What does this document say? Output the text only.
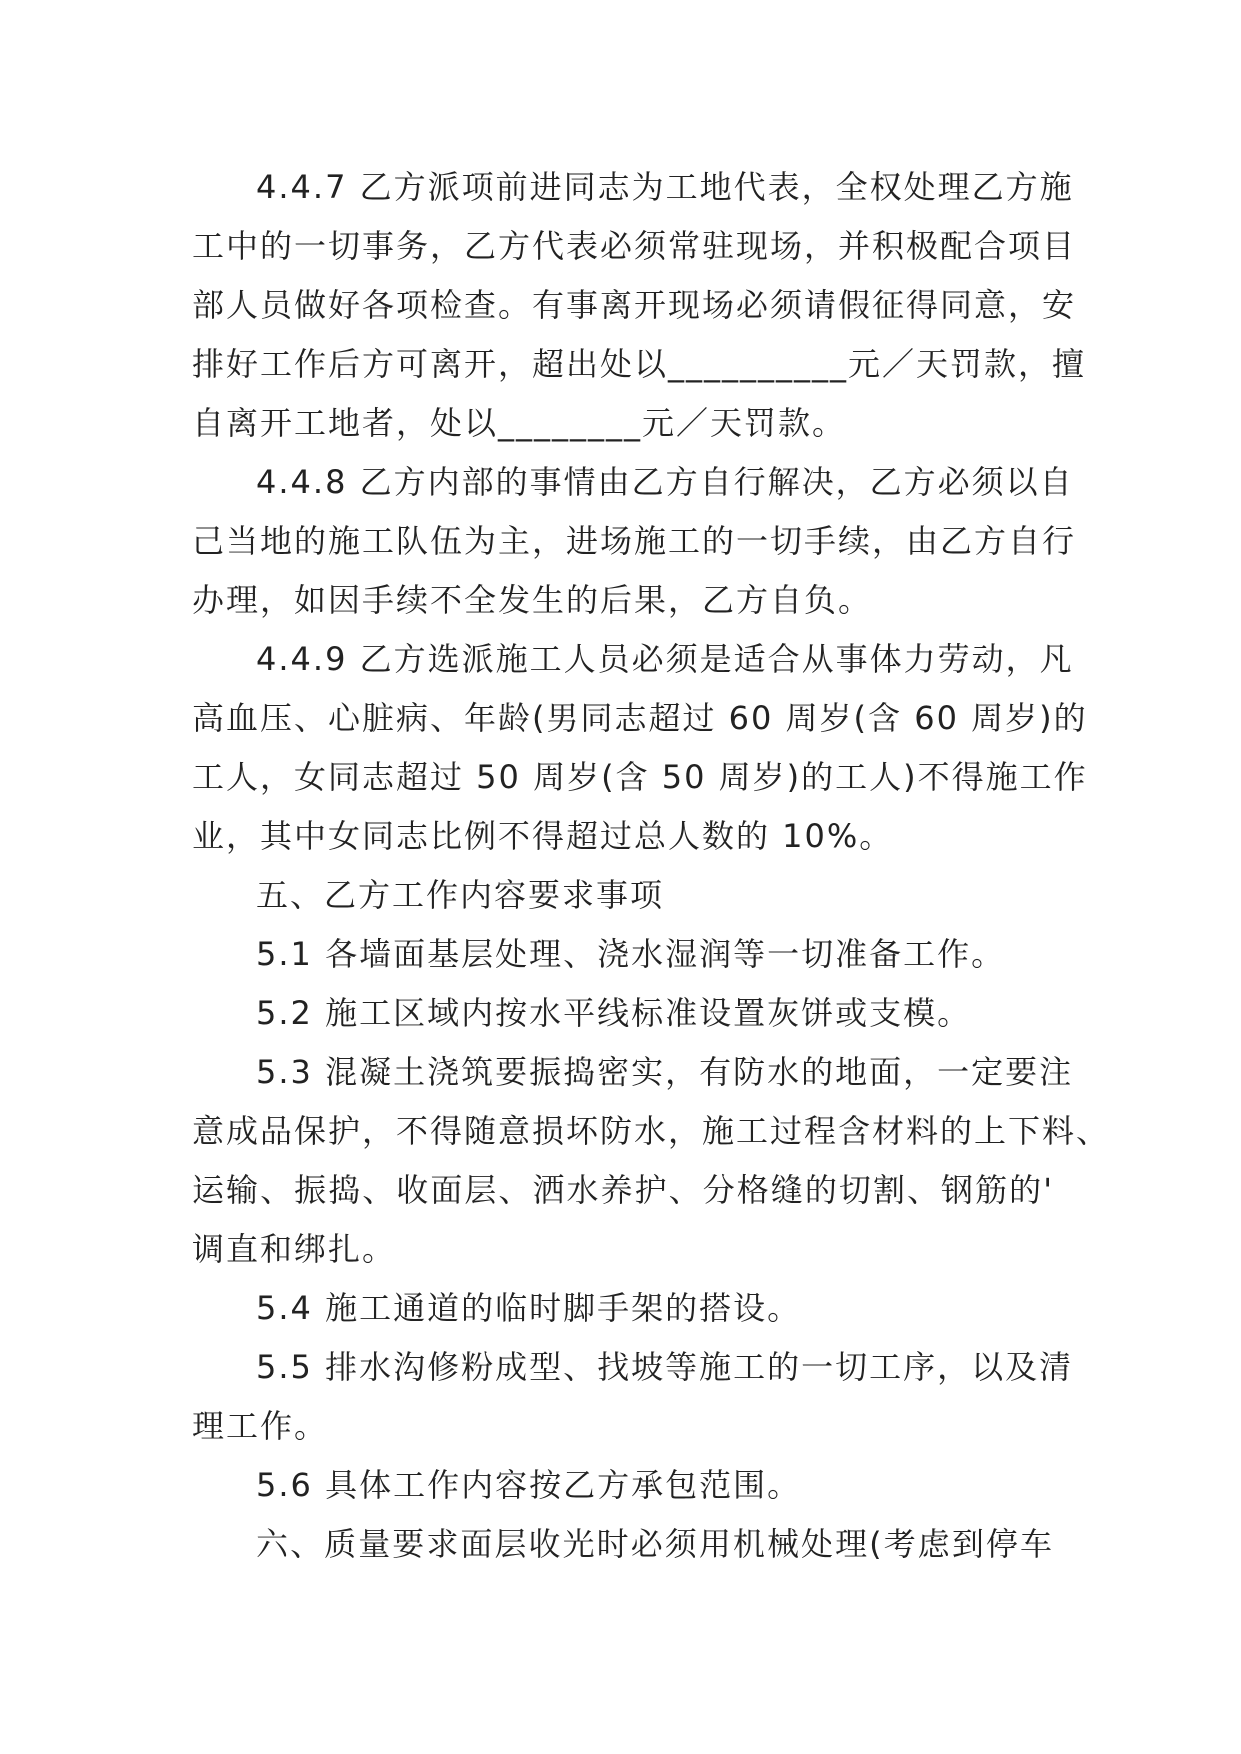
4.4.7 乙方派项前进同志为工地代表，全权处理乙方施
工中的一切事务，乙方代表必须常驻现场，并积极配合项目
部人员做好各项检查。有事离开现场必须请假征得同意，安
排好工作后方可离开，超出处以__________元／天罚款，擅
自离开工地者，处以________元／天罚款。
4.4.8 乙方内部的事情由乙方自行解决，乙方必须以自
己当地的施工队伍为主，进场施工的一切手续，由乙方自行
办理，如因手续不全发生的后果，乙方自负。
4.4.9 乙方选派施工人员必须是适合从事体力劳动，凡
高血压、心脏病、年龄(男同志超过 60 周岁(含 60 周岁)的
工人，女同志超过 50 周岁(含 50 周岁)的工人)不得施工作
业，其中女同志比例不得超过总人数的 10%。
五、乙方工作内容要求事项
5.1 各墙面基层处理、浇水湿润等一切准备工作。
5.2 施工区域内按水平线标准设置灰饼或支模。
5.3 混凝土浇筑要振捣密实，有防水的地面，一定要注
意成品保护，不得随意损坏防水，施工过程含材料的上下料、
运输、振捣、收面层、洒水养护、分格缝的切割、钢筋的'
调直和绑扎。
5.4 施工通道的临时脚手架的搭设。
5.5 排水沟修粉成型、找坡等施工的一切工序，以及清
理工作。
5.6 具体工作内容按乙方承包范围。
六、质量要求面层收光时必须用机械处理(考虑到停车
